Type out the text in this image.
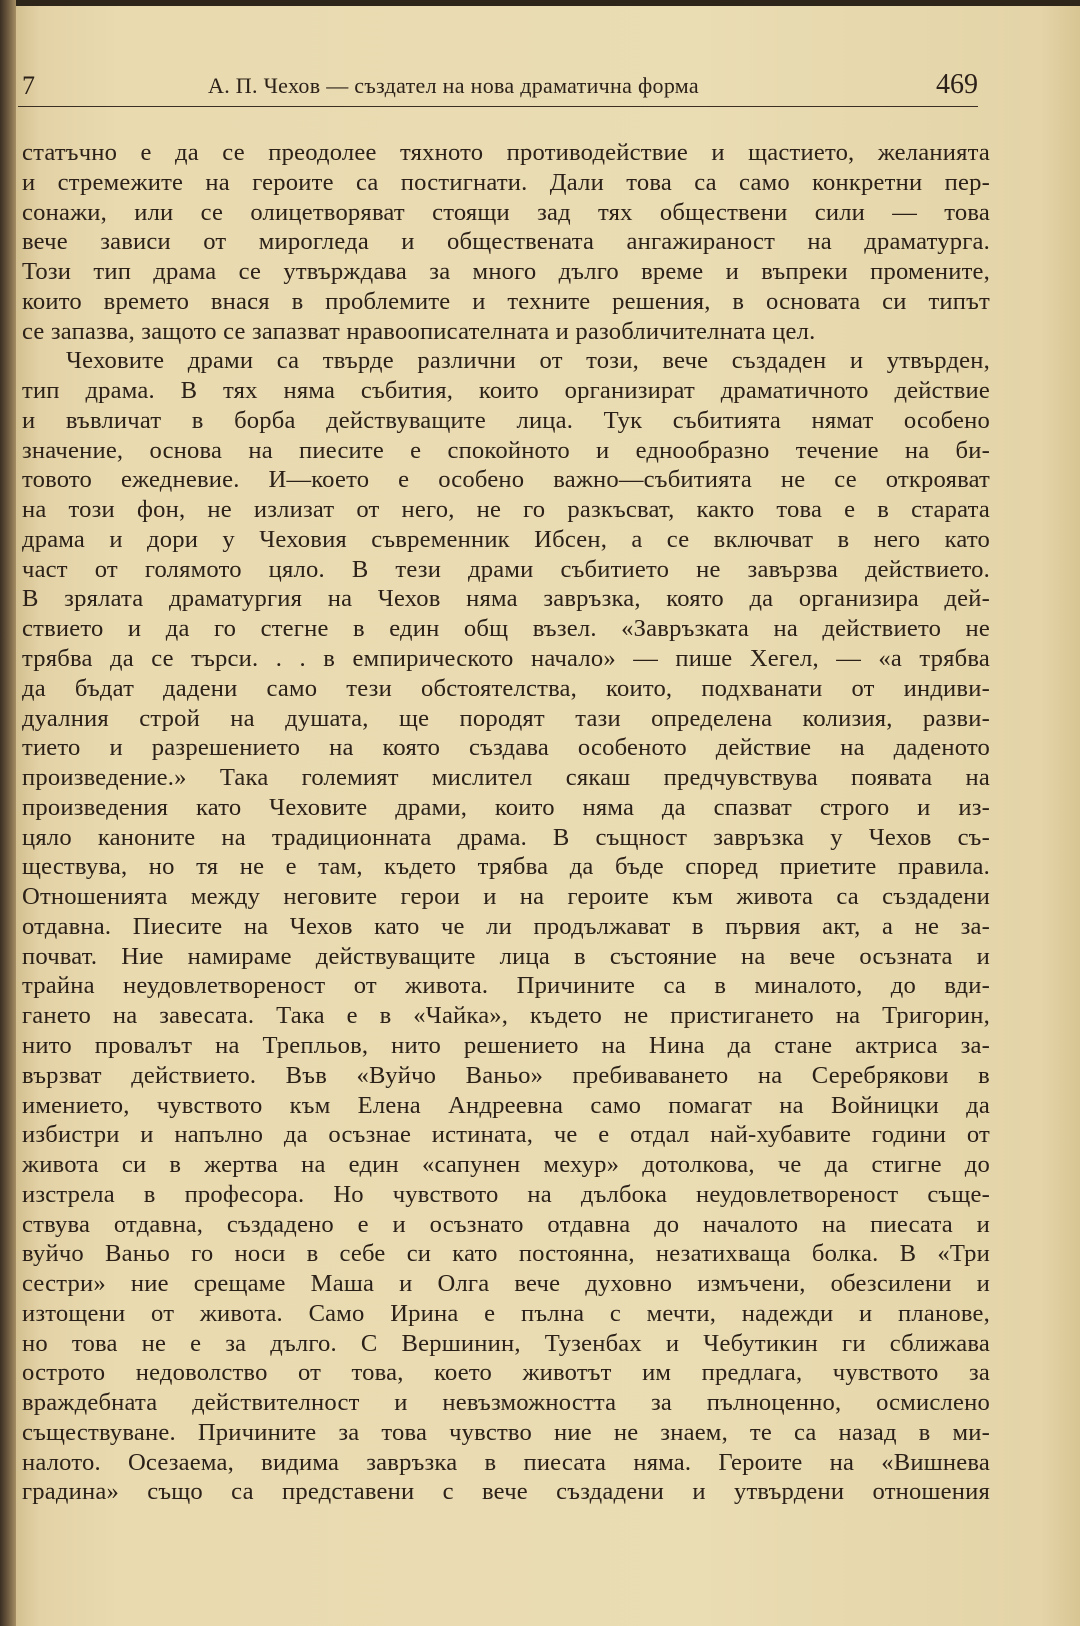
7	А. П. Чехов — създател на нова драматична форма	469
статъчно е да се преодолее тяхното противодействие и щастието, желанията
и стремежите на героите са постигнати. Дали това са само конкретни пер-
сонажи, или се олицетворяват стоящи зад тях обществени сили — това
вече зависи от мирогледа и обществената ангажираност на драматурга.
Този тип драма се утвърждава за много дълго време и въпреки промените,
които времето внася в проблемите и техните решения, в основата си типът
се запазва, защото се запазват нравоописателната и разобличителната цел.
Чеховите драми са твърде различни от този, вече създаден и утвърден,
тип драма. В тях няма събития, които организират драматичното действие
и въвличат в борба действуващите лица. Тук събитията нямат особено
значение, основа на пиесите е спокойното и еднообразно течение на би-
товото ежедневие. И—което е особено важно—събитията не се открояват
на този фон, не излизат от него, не го разкъсват, както това е в старата
драма и дори у Чеховия съвременник Ибсен, а се включват в него като
част от голямото цяло. В тези драми събитието не завързва действието.
В зрялата драматургия на Чехов няма завръзка, която да организира дей-
ствието и да го стегне в един общ възел. «Завръзката на действието не
трябва да се търси. . . в емпирическото начало» — пише Хегел, — «а трябва
да бъдат дадени само тези обстоятелства, които, подхванати от индиви-
дуалния строй на душата, ще породят тази определена колизия, разви-
тието и разрешението на която създава особеното действие на даденото
произведение.» Така големият мислител сякаш предчувствува появата на
произведения като Чеховите драми, които няма да спазват строго и из-
цяло каноните на традиционната драма. В същност завръзка у Чехов съ-
ществува, но тя не е там, където трябва да бъде според приетите правила.
Отношенията между неговите герои и на героите към живота са създадени
отдавна. Пиесите на Чехов като че ли продължават в първия акт, а не за-
почват. Ние намираме действуващите лица в състояние на вече осъзната и
трайна неудовлетвореност от живота. Причините са в миналото, до вди-
гането на завесата. Така е в «Чайка», където не пристигането на Тригорин,
нито провалът на Трепльов, нито решението на Нина да стане актриса за-
вързват действието. Във «Вуйчо Ваньо» пребиваването на Серебрякови в
имението, чувството към Елена Андреевна само помагат на Войницки да
избистри и напълно да осъзнае истината, че е отдал най-хубавите години от
живота си в жертва на един «сапунен мехур» дотолкова, че да стигне до
изстрела в професора. Но чувството на дълбока неудовлетвореност съще-
ствува отдавна, създадено е и осъзнато отдавна до началото на пиесата и
вуйчо Ваньо го носи в себе си като постоянна, незатихваща болка. В «Три
сестри» ние срещаме Маша и Олга вече духовно измъчени, обезсилени и
изтощени от живота. Само Ирина е пълна с мечти, надежди и планове,
но това не е за дълго. С Вершинин, Тузенбах и Чебутикин ги сближава
острото недоволство от това, което животът им предлага, чувството за
враждебната действителност и невъзможността за пълноценно, осмислено
съществуване. Причините за това чувство ние не знаем, те са назад в ми-
налото. Осезаема, видима завръзка в пиесата няма. Героите на «Вишнева
градина» също са представени с вече създадени и утвърдени отношения
